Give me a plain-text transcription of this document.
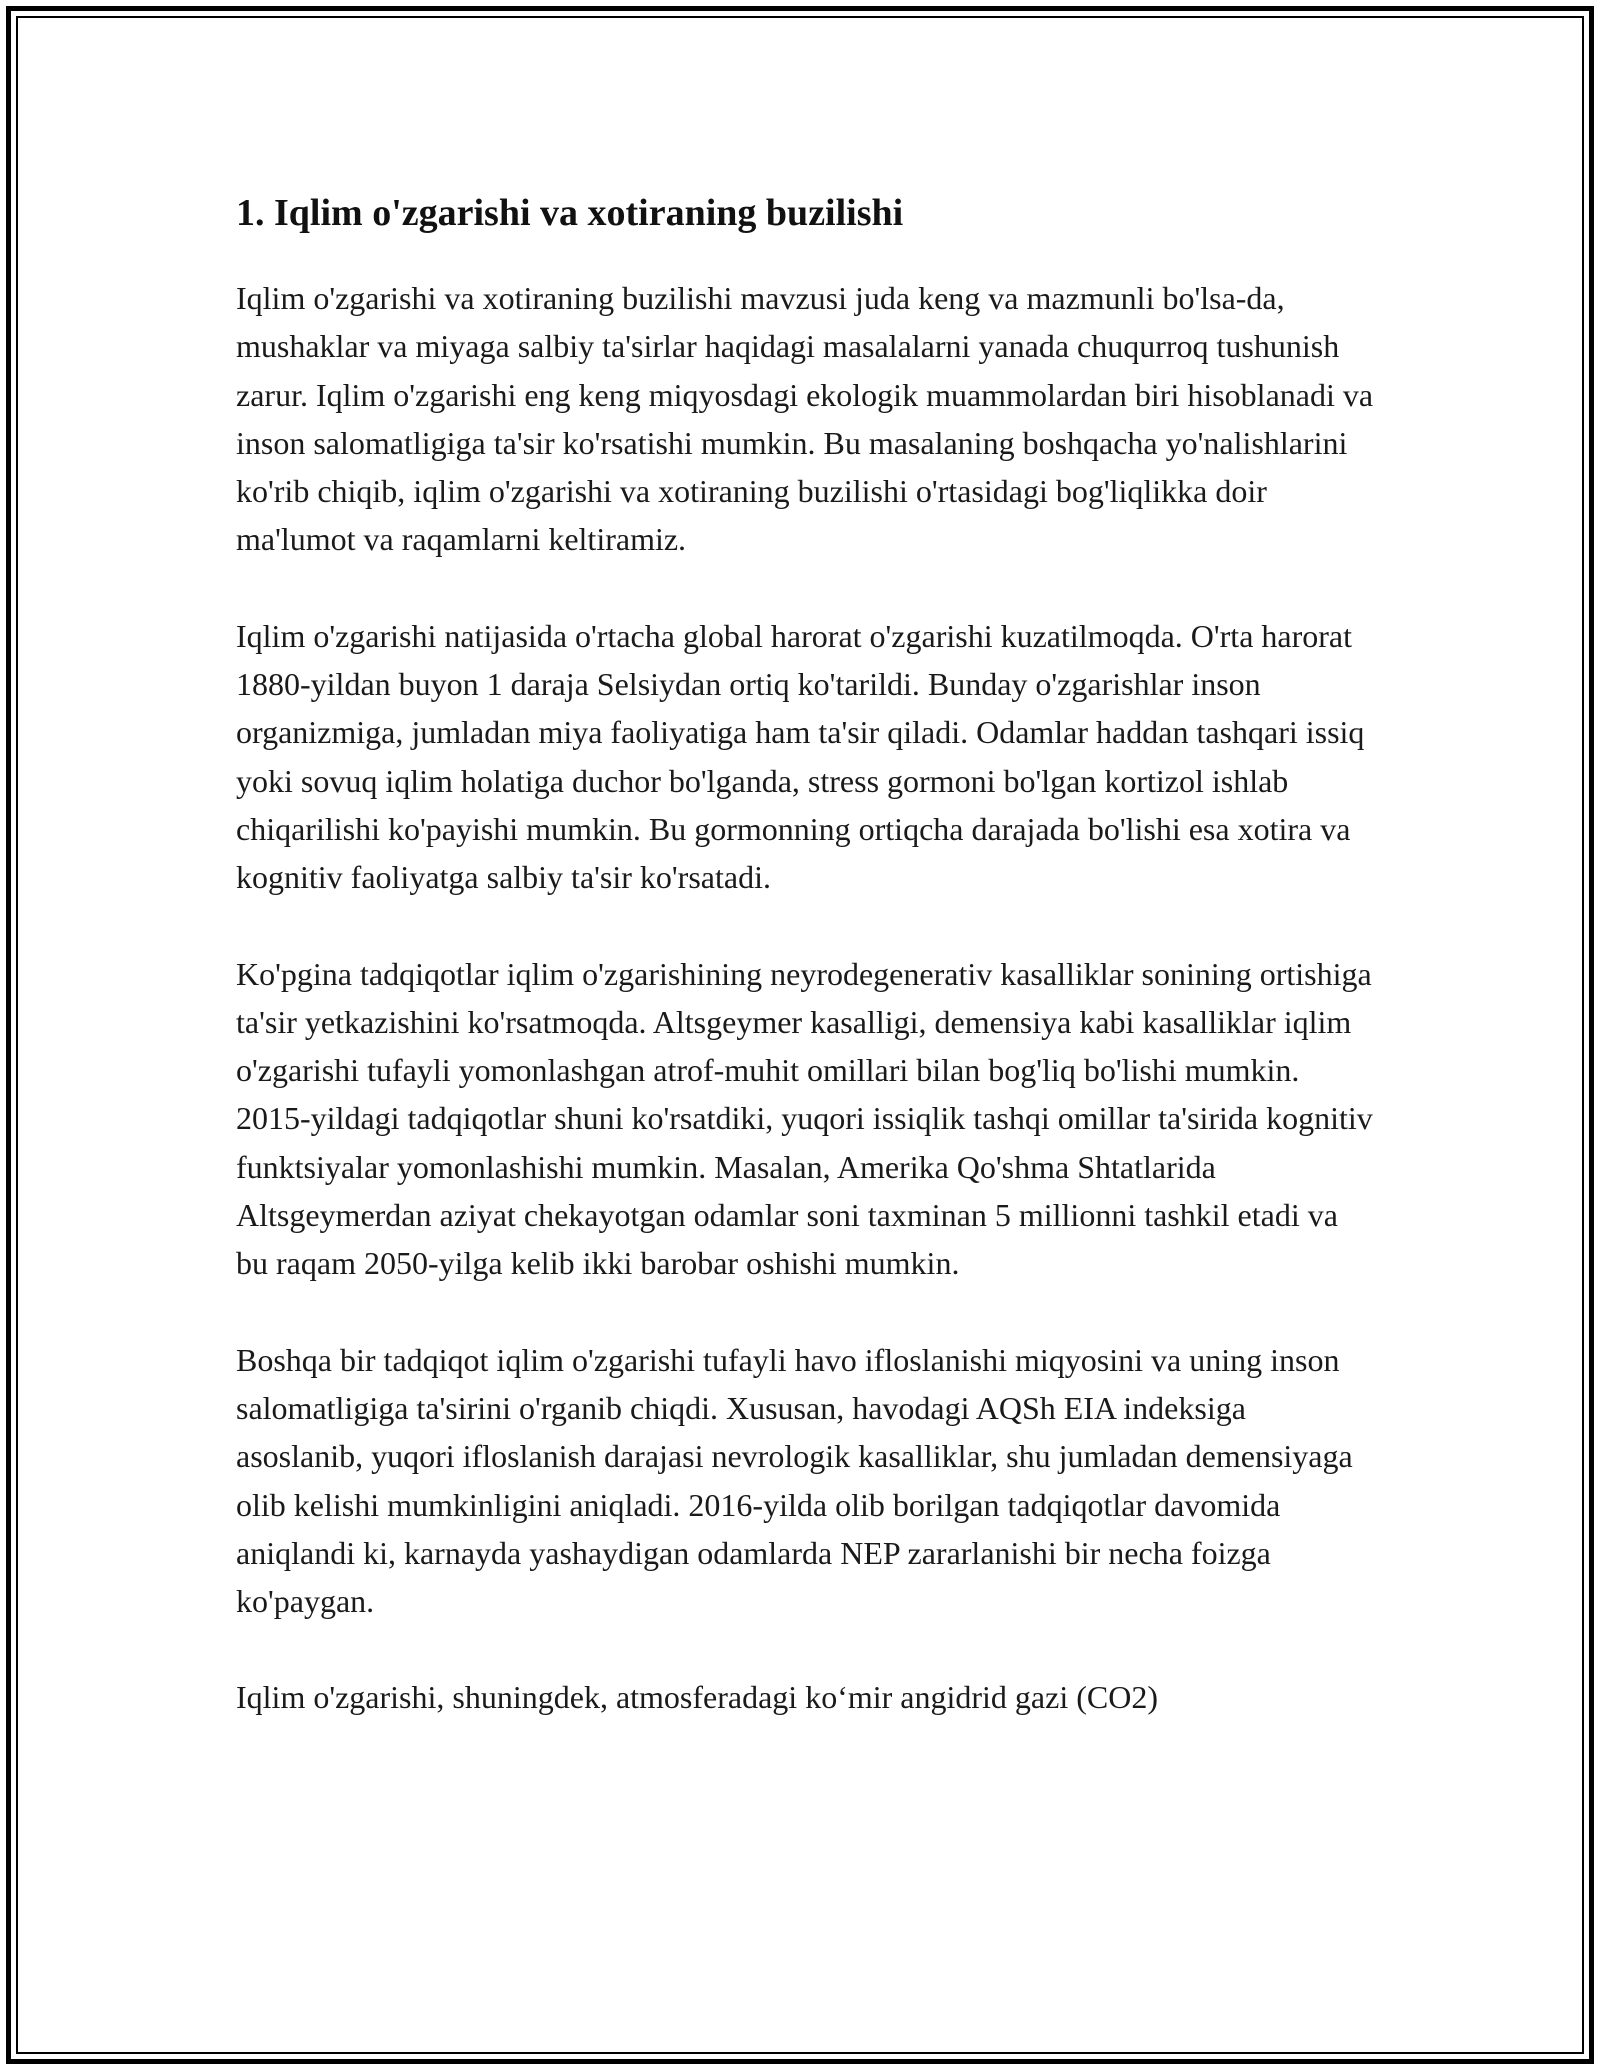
1. Iqlim o'zgarishi va xotiraning buzilishi

Iqlim o'zgarishi va xotiraning buzilishi mavzusi juda keng va mazmunli bo'lsa-da, mushaklar va miyaga salbiy ta'sirlar haqidagi masalalarni yanada chuqurroq tushunish zarur. Iqlim o'zgarishi eng keng miqyosdagi ekologik muammolardan biri hisoblanadi va inson salomatligiga ta'sir ko'rsatishi mumkin. Bu masalaning boshqacha yo'nalishlarini ko'rib chiqib, iqlim o'zgarishi va xotiraning buzilishi o'rtasidagi bog'liqlikka doir ma'lumot va raqamlarni keltiramiz.

Iqlim o'zgarishi natijasida o'rtacha global harorat o'zgarishi kuzatilmoqda. O'rta harorat 1880-yildan buyon 1 daraja Selsiydan ortiq ko'tarildi. Bunday o'zgarishlar inson organizmiga, jumladan miya faoliyatiga ham ta'sir qiladi. Odamlar haddan tashqari issiq yoki sovuq iqlim holatiga duchor bo'lganda, stress gormoni bo'lgan kortizol ishlab chiqarilishi ko'payishi mumkin. Bu gormonning ortiqcha darajada bo'lishi esa xotira va kognitiv faoliyatga salbiy ta'sir ko'rsatadi.

Ko'pgina tadqiqotlar iqlim o'zgarishining neyrodegenerativ kasalliklar sonining ortishiga ta'sir yetkazishini ko'rsatmoqda. Altsgeymer kasalligi, demensiya kabi kasalliklar iqlim o'zgarishi tufayli yomonlashgan atrof-muhit omillari bilan bog'liq bo'lishi mumkin. 2015-yildagi tadqiqotlar shuni ko'rsatdiki, yuqori issiqlik tashqi omillar ta'sirida kognitiv funktsiyalar yomonlashishi mumkin. Masalan, Amerika Qo'shma Shtatlarida Altsgeymerdan aziyat chekayotgan odamlar soni taxminan 5 millionni tashkil etadi va bu raqam 2050-yilga kelib ikki barobar oshishi mumkin.

Boshqa bir tadqiqot iqlim o'zgarishi tufayli havo ifloslanishi miqyosini va uning inson salomatligiga ta'sirini o'rganib chiqdi. Xususan, havodagi AQSh EIA indeksiga asoslanib, yuqori ifloslanish darajasi nevrologik kasalliklar, shu jumladan demensiyaga olib kelishi mumkinligini aniqladi. 2016-yilda olib borilgan tadqiqotlar davomida aniqlandi ki, karnayda yashaydigan odamlarda NEP zararlanishi bir necha foizga ko'paygan.

Iqlim o'zgarishi, shuningdek, atmosferadagi ko‘mir angidrid gazi (CO2)
